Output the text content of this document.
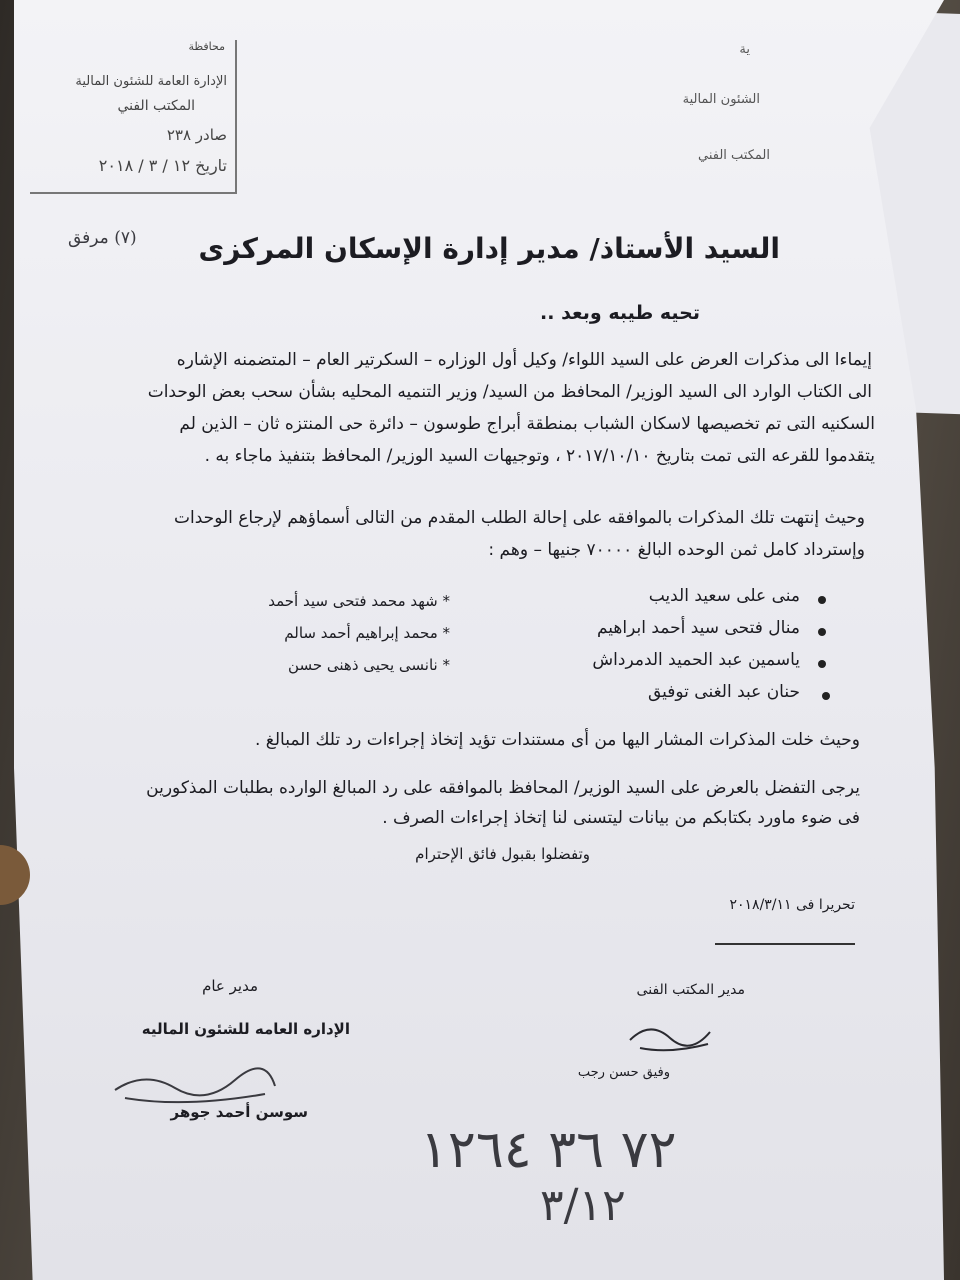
ية
الشئون المالية
المكتب الفني
محافظة
الإدارة العامة للشئون المالية
المكتب الفني
صادر ٢٣٨
تاريخ ١٢ / ٣ / ٢٠١٨
(٧) مرفق السيد الأستاذ/ مدير إدارة الإسكان المركزى
تحيه طيبه وبعد ..
إيماءا الى مذكرات العرض على السيد اللواء/ وكيل أول الوزاره – السكرتير العام – المتضمنه الإشاره
الى الكتاب الوارد الى السيد الوزير/ المحافظ من السيد/ وزير التنميه المحليه بشأن سحب بعض الوحدات
السكنيه التى تم تخصيصها لاسكان الشباب بمنطقة أبراج طوسون – دائرة حى المنتزه ثان – الذين لم
يتقدموا للقرعه التى تمت بتاريخ ٢٠١٧/١٠/١٠ ، وتوجيهات السيد الوزير/ المحافظ بتنفيذ ماجاء به .
وحيث إنتهت تلك المذكرات بالموافقه على إحالة الطلب المقدم من التالى أسماؤهم لإرجاع الوحدات
وإسترداد كامل ثمن الوحده البالغ ٧٠٠٠٠ جنيها – وهم :
منى على سعيد الديب
منال فتحى سيد أحمد ابراهيم
ياسمين عبد الحميد الدمرداش
حنان عبد الغنى توفيق
* شهد محمد فتحى سيد أحمد
* محمد إبراهيم أحمد سالم
* نانسى يحيى ذهنى حسن
وحيث خلت المذكرات المشار اليها من أى مستندات تؤيد إتخاذ إجراءات رد تلك المبالغ .
يرجى التفضل بالعرض على السيد الوزير/ المحافظ بالموافقه على رد المبالغ الوارده بطلبات المذكورين
فى ضوء ماورد بكتابكم من بيانات ليتسنى لنا إتخاذ إجراءات الصرف .
وتفضلوا بقبول فائق الإحترام
تحريرا فى ٢٠١٨/٣/١١
مدير المكتب الفنى
وفيق حسن رجب
مدير عام
الإداره العامه للشئون الماليه
سوسن أحمد جوهر
٧٢ ٣٦ ١٢٦٤
٣/١٢
